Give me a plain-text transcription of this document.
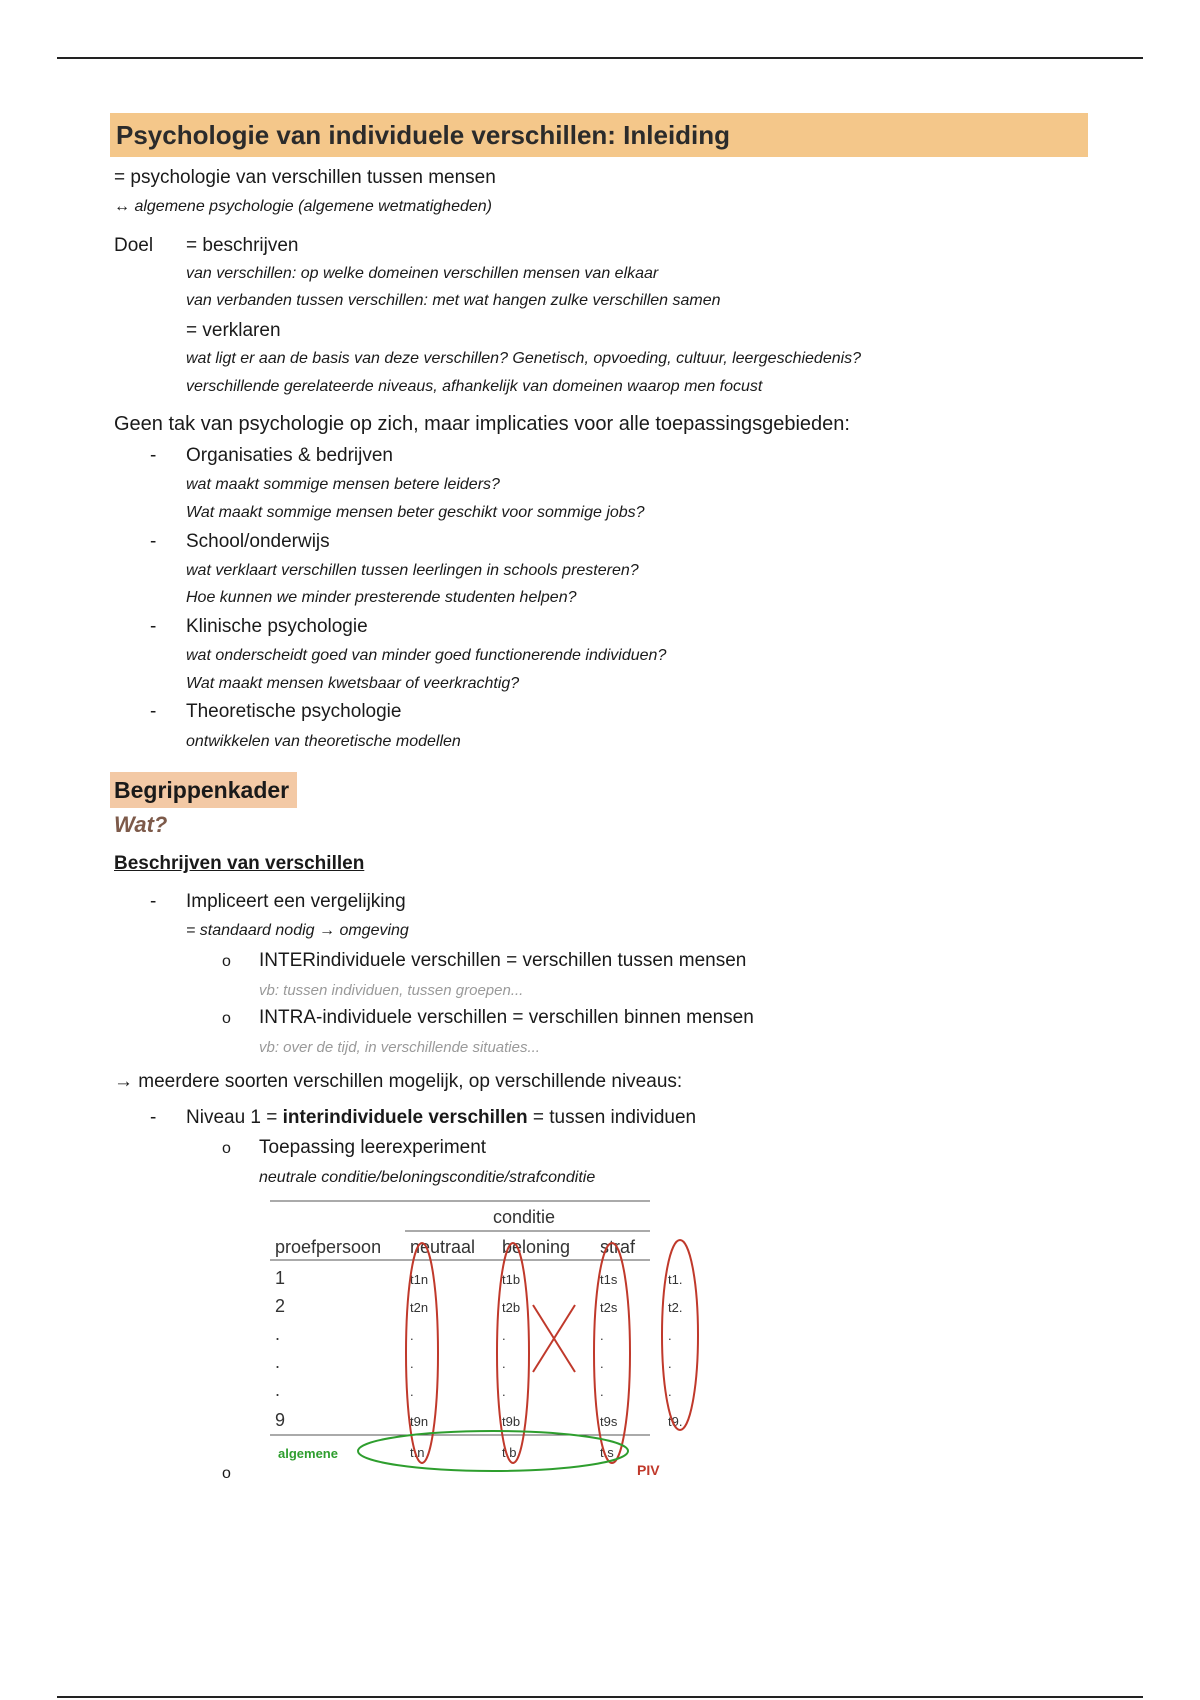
Psychologie van individuele verschillen: Inleiding
= psychologie van verschillen tussen mensen
↔ algemene psychologie (algemene wetmatigheden)
Doel = beschrijven
van verschillen: op welke domeinen verschillen mensen van elkaar
van verbanden tussen verschillen: met wat hangen zulke verschillen samen
= verklaren
wat ligt er aan de basis van deze verschillen? Genetisch, opvoeding, cultuur, leergeschiedenis?
verschillende gerelateerde niveaus, afhankelijk van domeinen waarop men focust
Geen tak van psychologie op zich, maar implicaties voor alle toepassingsgebieden:
- Organisaties & bedrijven
wat maakt sommige mensen betere leiders?
Wat maakt sommige mensen beter geschikt voor sommige jobs?
- School/onderwijs
wat verklaart verschillen tussen leerlingen in schools presteren?
Hoe kunnen we minder presterende studenten helpen?
- Klinische psychologie
wat onderscheidt goed van minder goed functionerende individuen?
Wat maakt mensen kwetsbaar of veerkrachtig?
- Theoretische psychologie
ontwikkelen van theoretische modellen
Begrippenkader
Wat?
Beschrijven van verschillen
- Impliceert een vergelijking
= standaard nodig → omgeving
o INTERindividuele verschillen = verschillen tussen mensen
vb: tussen individuen, tussen groepen...
o INTRA-individuele verschillen = verschillen binnen mensen
vb: over de tijd, in verschillende situaties...
→ meerdere soorten verschillen mogelijk, op verschillende niveaus:
- Niveau 1 = interindividuele verschillen = tussen individuen
o Toepassing leerexperiment
neutrale conditie/beloningsconditie/strafconditie
conditie
proefpersoon neutraal beloning straf
1
2
.
.
.
9
t1n
t2n
.
.
.
t9n
t1b
t2b
.
.
.
t9b
t1s
t2s
.
.
.
t9s
t1.
t2.
.
.
.
t9.
t.n	t.b	t.s
algemene
PIV
o
